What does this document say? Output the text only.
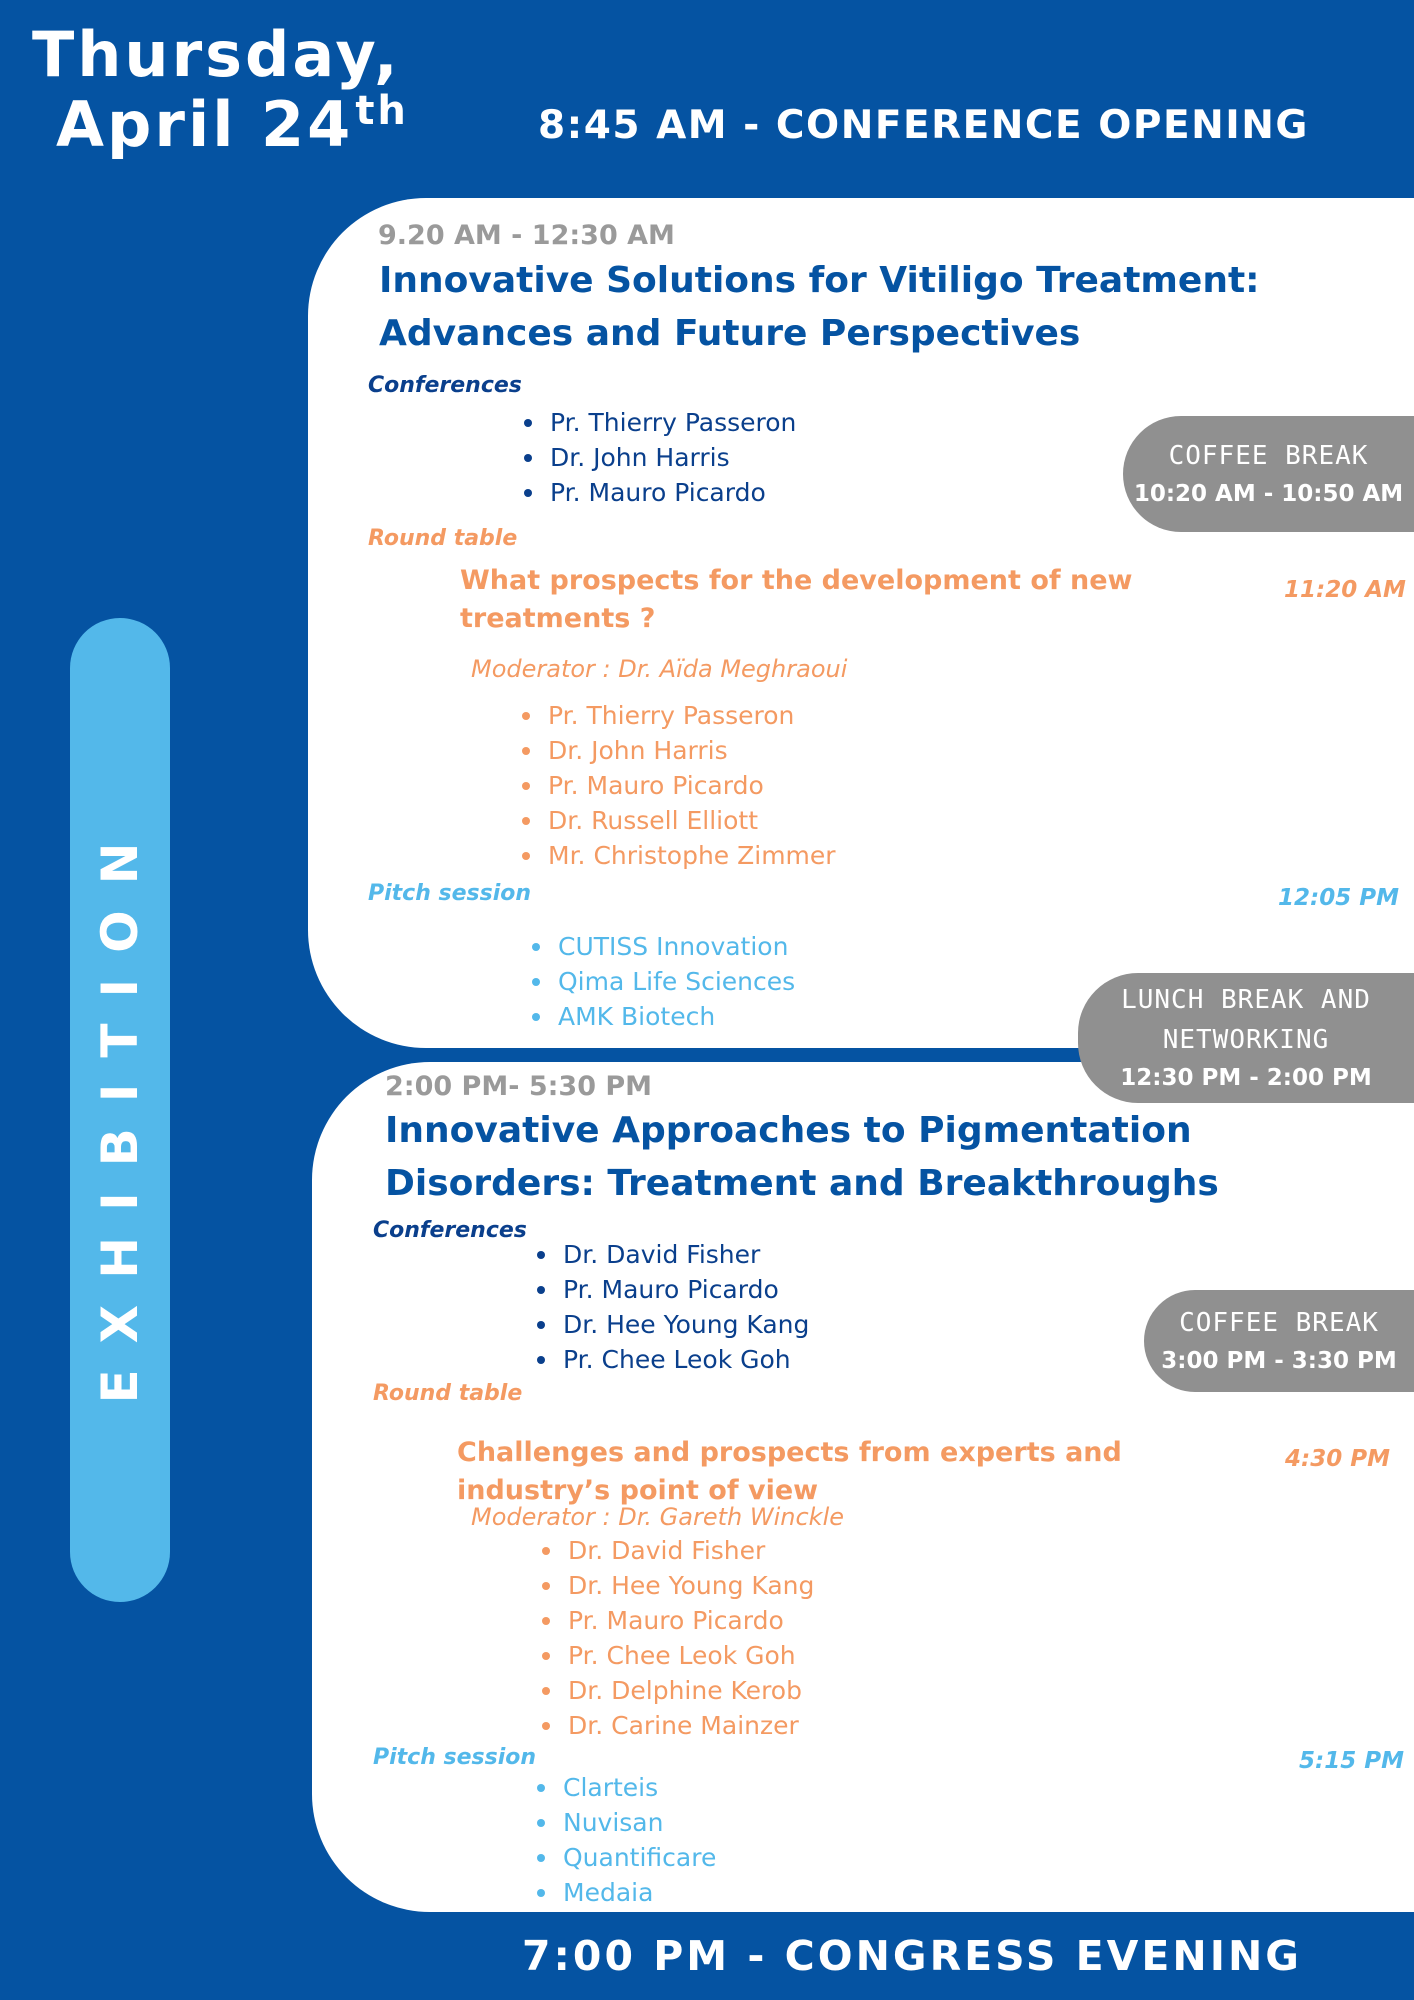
Thursday,
April 24th	8:45 AM - CONFERENCE OPENING
EXHIBITION
9.20 AM - 12:30 AM
Innovative Solutions for Vitiligo Treatment:
Advances and Future Perspectives
Conferences
Pr. Thierry Passeron
Dr. John Harris
Pr. Mauro Picardo
Round table
What prospects for the development of new
treatments ?
11:20 AM
Moderator : Dr. Aïda Meghraoui
Pr. Thierry Passeron
Dr. John Harris
Pr. Mauro Picardo
Dr. Russell Elliott
Mr. Christophe Zimmer
Pitch session	12:05 PM
CUTISS Innovation
Qima Life Sciences
AMK Biotech
COFFEE BREAK
10:20 AM - 10:50 AM
LUNCH BREAK AND
NETWORKING
12:30 PM - 2:00 PM
2:00 PM- 5:30 PM
Innovative Approaches to Pigmentation
Disorders: Treatment and Breakthroughs
Conferences
Dr. David Fisher
Pr. Mauro Picardo
Dr. Hee Young Kang
Pr. Chee Leok Goh
COFFEE BREAK
3:00 PM - 3:30 PM
Round table
Challenges and prospects from experts and
industry’s point of view
4:30 PM
Moderator : Dr. Gareth Winckle
Dr. David Fisher
Dr. Hee Young Kang
Pr. Mauro Picardo
Pr. Chee Leok Goh
Dr. Delphine Kerob
Dr. Carine Mainzer
Pitch session	5:15 PM
Clarteis
Nuvisan
Quantificare
Medaia
7:00 PM - CONGRESS EVENING
